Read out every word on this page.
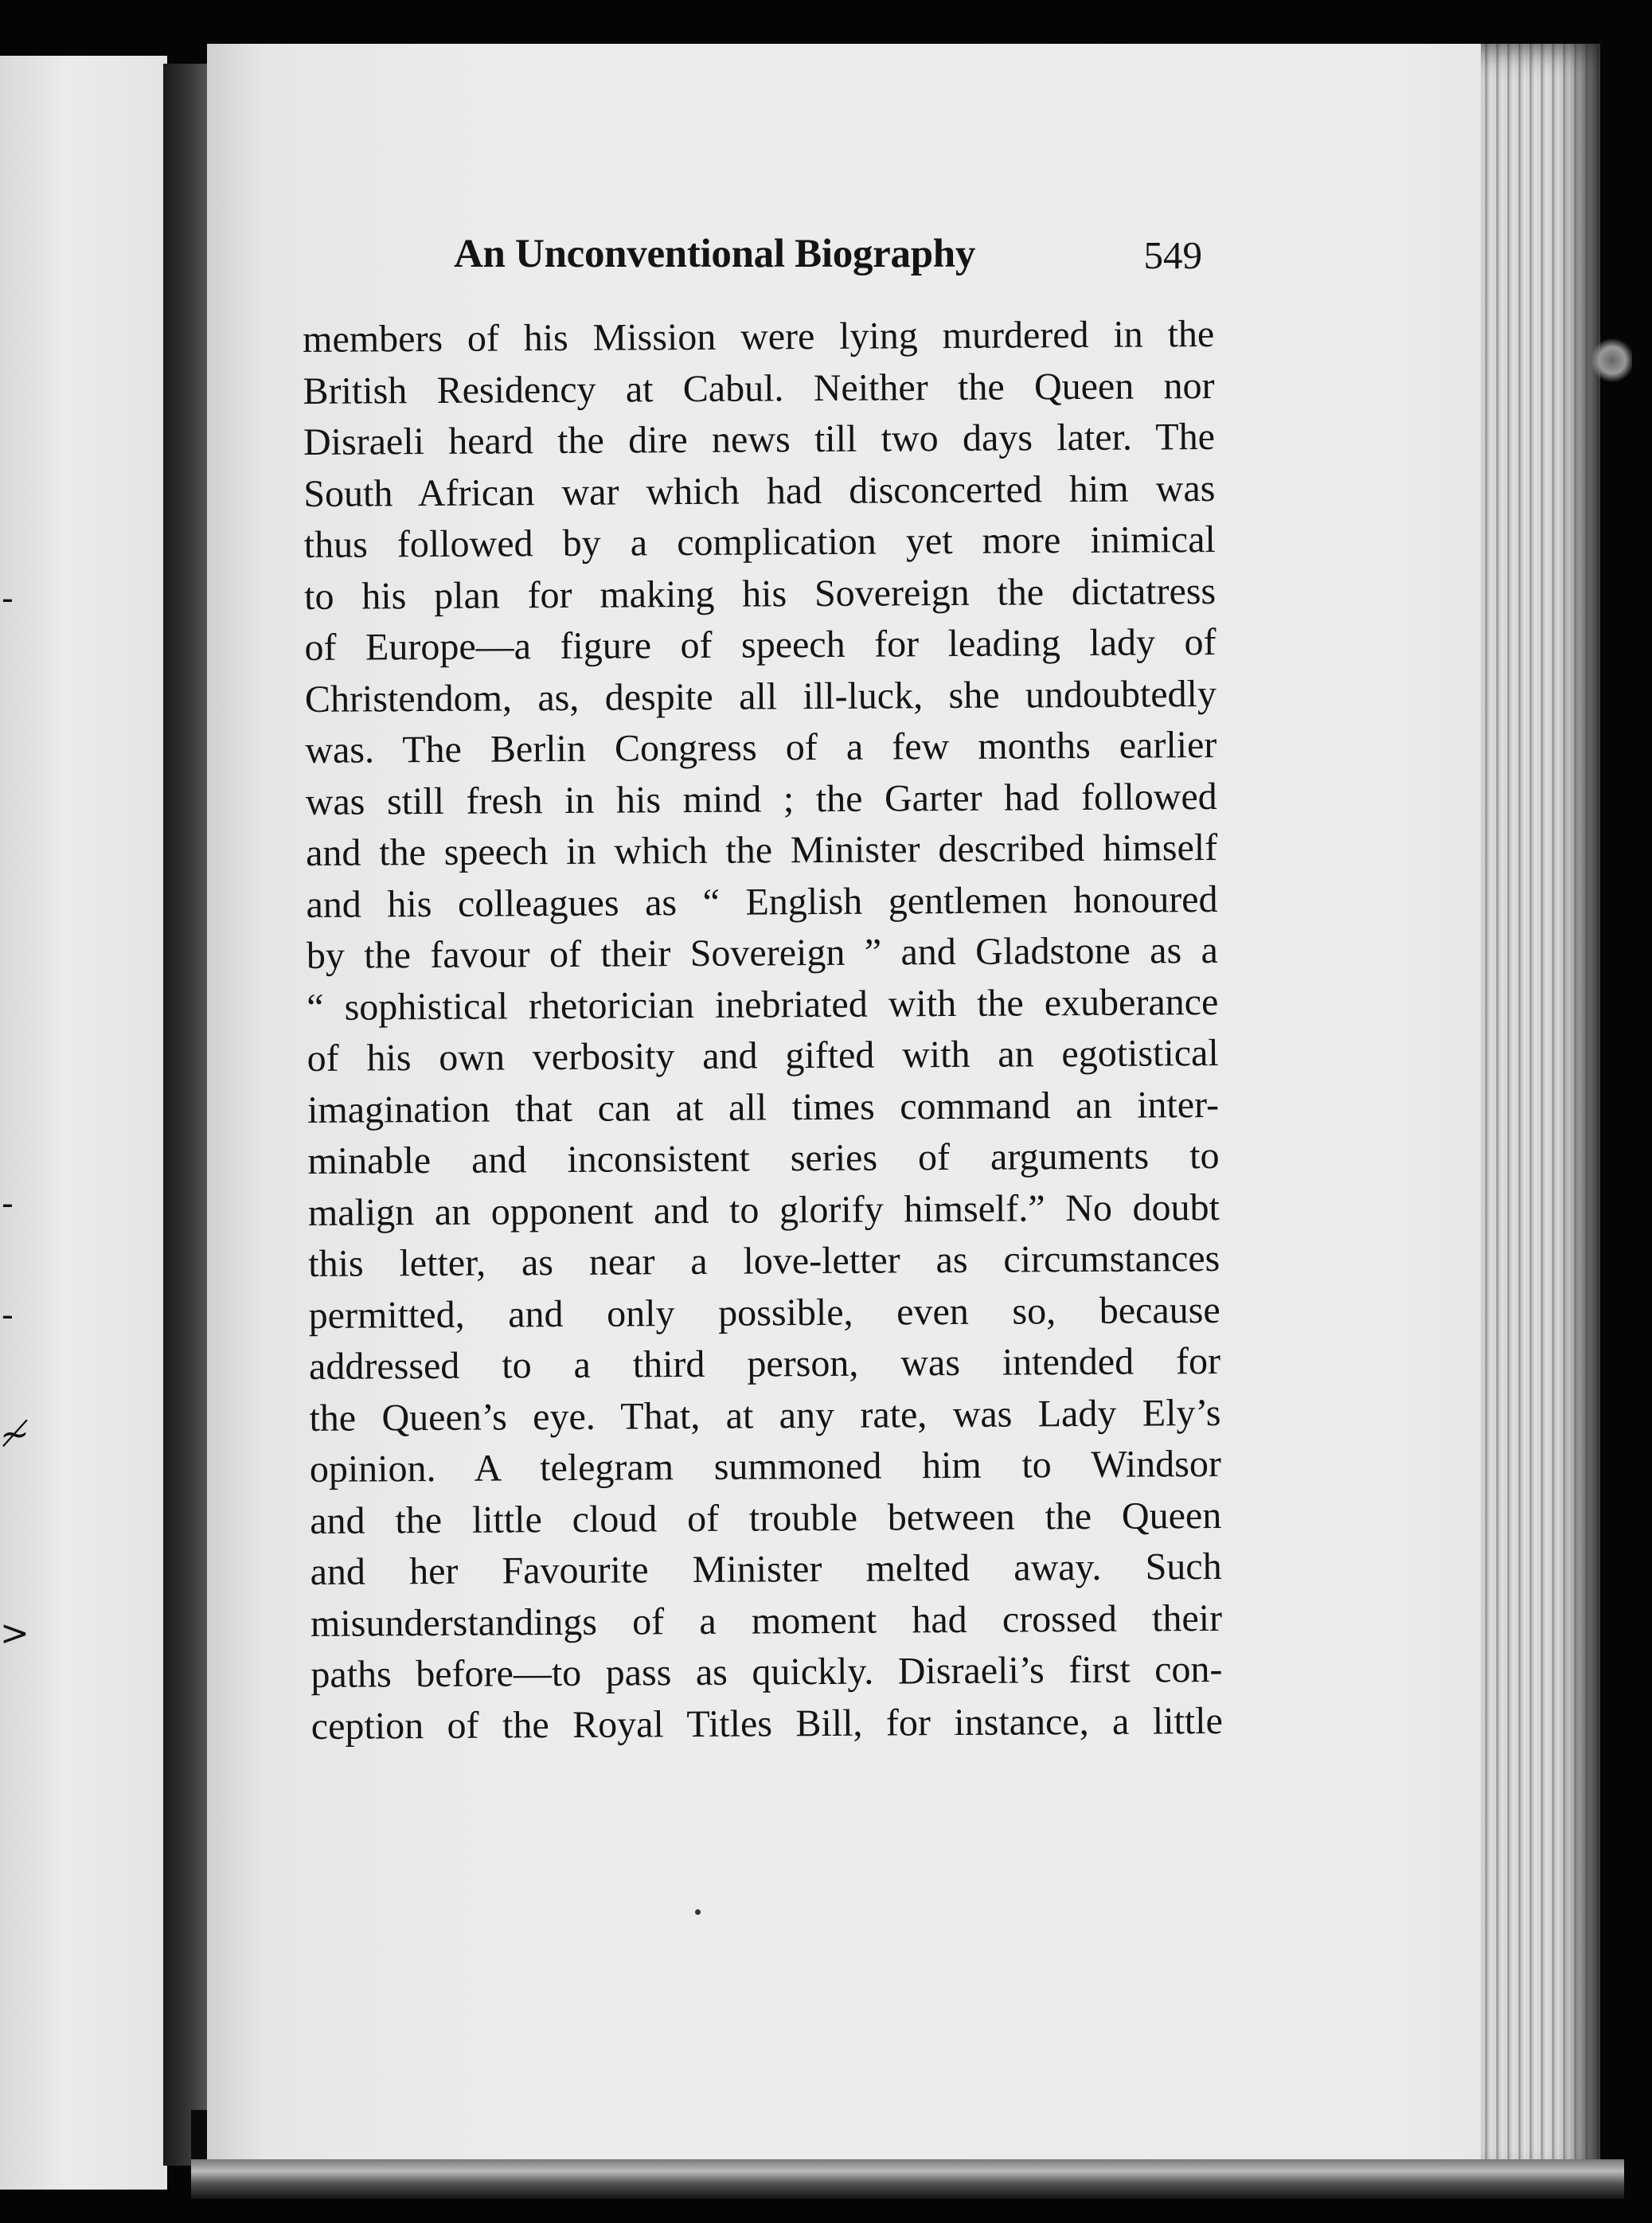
-
-
-
≁
>
An Unconventional Biography	549
members of his Mission were lying murdered in the
British Residency at Cabul. Neither the Queen nor
Disraeli heard the dire news till two days later. The
South African war which had disconcerted him was
thus followed by a complication yet more inimical
to his plan for making his Sovereign the dictatress
of Europe—a figure of speech for leading lady of
Christendom, as, despite all ill-luck, she undoubtedly
was. The Berlin Congress of a few months earlier
was still fresh in his mind ; the Garter had followed
and the speech in which the Minister described himself
and his colleagues as “ English gentlemen honoured
by the favour of their Sovereign ” and Gladstone as a
“ sophistical rhetorician inebriated with the exuberance
of his own verbosity and gifted with an egotistical
imagination that can at all times command an inter-
minable and inconsistent series of arguments to
malign an opponent and to glorify himself.” No doubt
this letter, as near a love-letter as circumstances
permitted, and only possible, even so, because
addressed to a third person, was intended for
the Queen’s eye. That, at any rate, was Lady Ely’s
opinion. A telegram summoned him to Windsor
and the little cloud of trouble between the Queen
and her Favourite Minister melted away. Such
misunderstandings of a moment had crossed their
paths before—to pass as quickly. Disraeli’s first con-
ception of the Royal Titles Bill, for instance, a little
